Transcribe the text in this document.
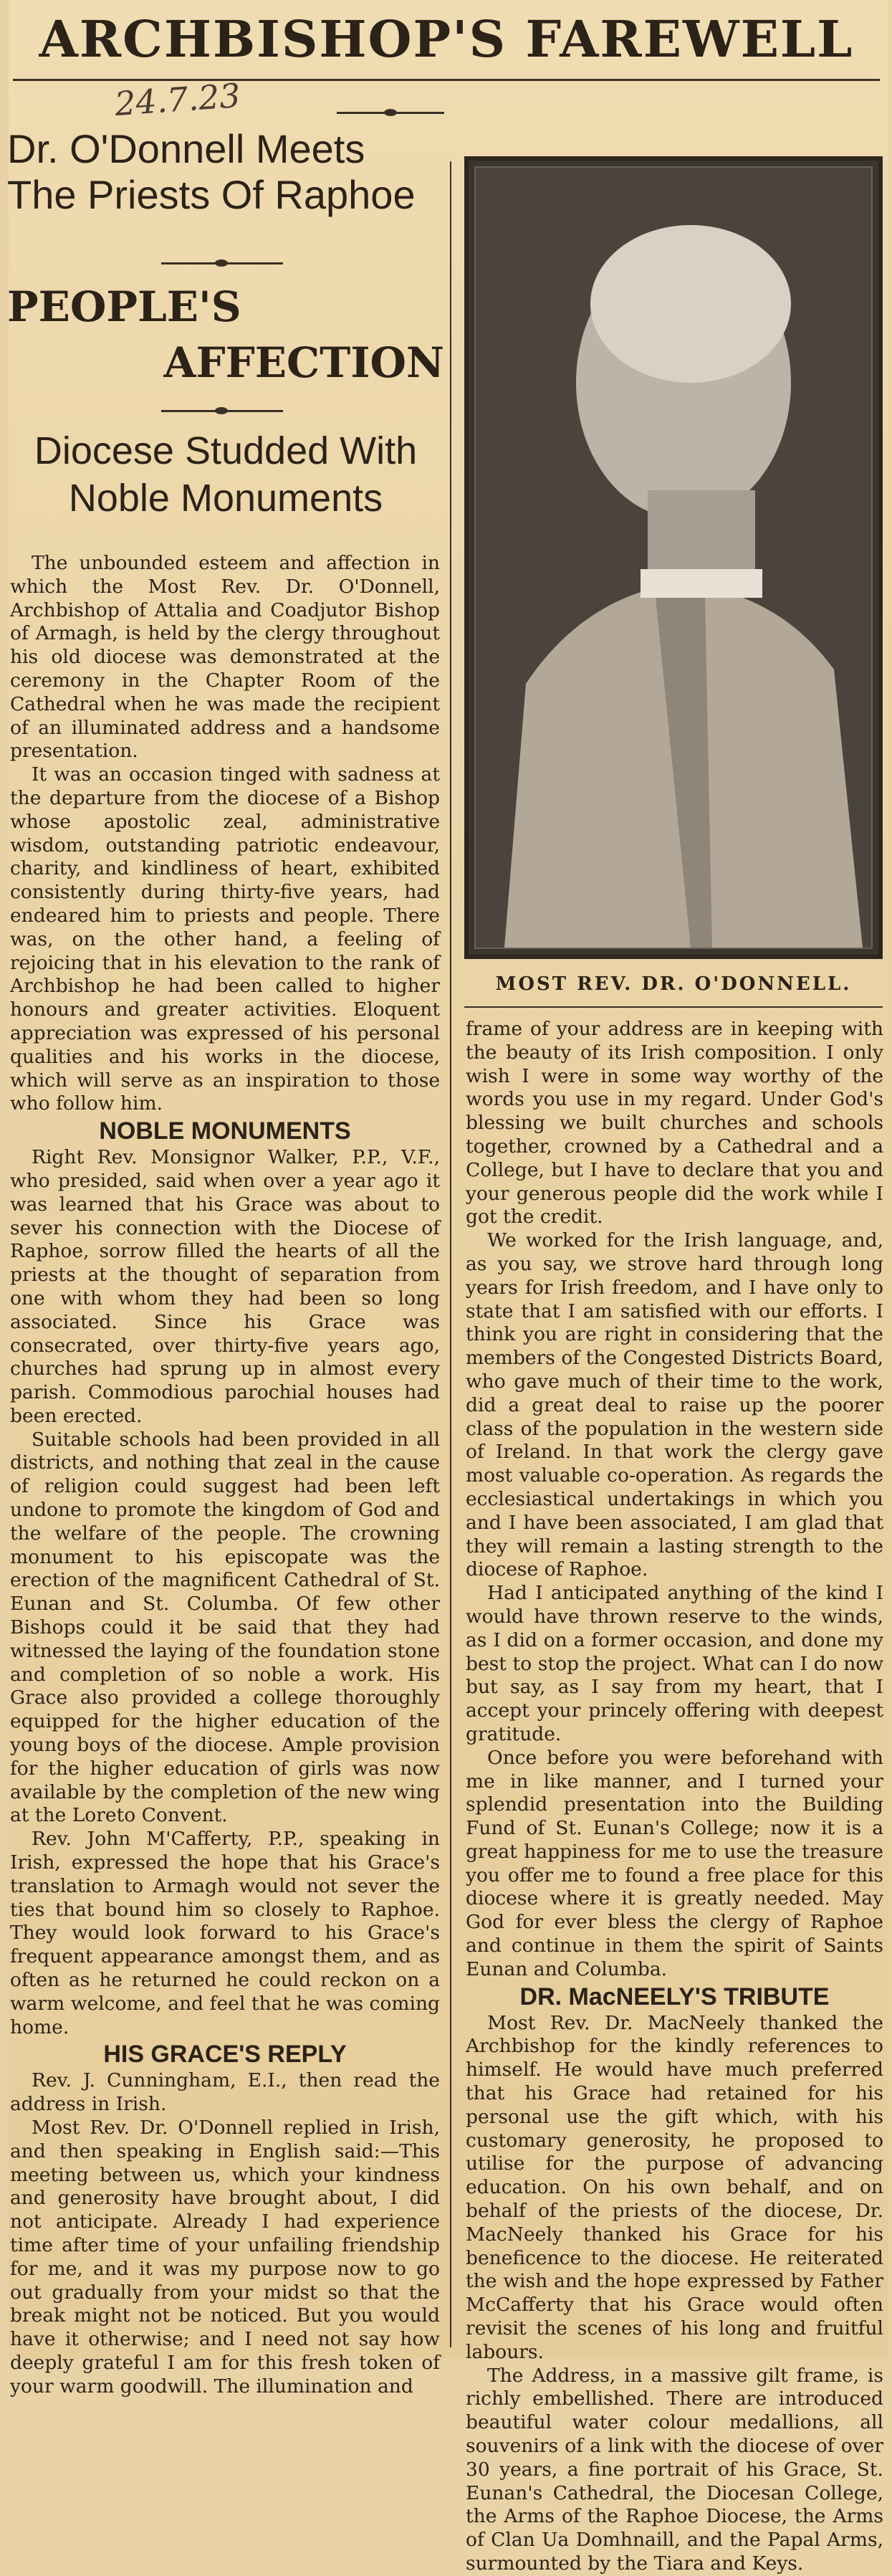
ARCHBISHOP'S FAREWELL
24.7.23
Dr. O'Donnell Meets The Priests Of Raphoe
PEOPLE'S
AFFECTION
Diocese Studded With Noble Monuments
MOST REV. DR. O'DONNELL.

The unbounded esteem and affection in which the Most Rev. Dr. O'Donnell, Archbishop of Attalia and Coadjutor Bishop of Armagh, is held by the clergy throughout his old diocese was demonstrated at the ceremony in the Chapter Room of the Cathedral when he was made the recipient of an illuminated address and a handsome presentation.

It was an occasion tinged with sadness at the departure from the diocese of a Bishop whose apostolic zeal, administrative wisdom, outstanding patriotic endeavour, charity, and kindliness of heart, exhibited consistently during thirty-five years, had endeared him to priests and people. There was, on the other hand, a feeling of rejoicing that in his elevation to the rank of Archbishop he had been called to higher honours and greater activities. Eloquent appreciation was expressed of his personal qualities and his works in the diocese, which will serve as an inspiration to those who follow him.

NOBLE MONUMENTS

Right Rev. Monsignor Walker, P.P., V.F., who presided, said when over a year ago it was learned that his Grace was about to sever his connection with the Diocese of Raphoe, sorrow filled the hearts of all the priests at the thought of separation from one with whom they had been so long associated. Since his Grace was consecrated, over thirty-five years ago, churches had sprung up in almost every parish. Commodious parochial houses had been erected.

Suitable schools had been provided in all districts, and nothing that zeal in the cause of religion could suggest had been left undone to promote the kingdom of God and the welfare of the people. The crowning monument to his episcopate was the erection of the magnificent Cathedral of St. Eunan and St. Columba. Of few other Bishops could it be said that they had witnessed the laying of the foundation stone and completion of so noble a work. His Grace also provided a college thoroughly equipped for the higher education of the young boys of the diocese. Ample provision for the higher education of girls was now available by the completion of the new wing at the Loreto Convent.

Rev. John M'Cafferty, P.P., speaking in Irish, expressed the hope that his Grace's translation to Armagh would not sever the ties that bound him so closely to Raphoe. They would look forward to his Grace's frequent appearance amongst them, and as often as he returned he could reckon on a warm welcome, and feel that he was coming home.

HIS GRACE'S REPLY

Rev. J. Cunningham, E.I., then read the address in Irish.

Most Rev. Dr. O'Donnell replied in Irish, and then speaking in English said:—This meeting between us, which your kindness and generosity have brought about, I did not anticipate. Already I had experience time after time of your unfailing friendship for me, and it was my purpose now to go out gradually from your midst so that the break might not be noticed. But you would have it otherwise; and I need not say how deeply grateful I am for this fresh token of your warm goodwill. The illumination and

frame of your address are in keeping with the beauty of its Irish composition. I only wish I were in some way worthy of the words you use in my regard. Under God's blessing we built churches and schools together, crowned by a Cathedral and a College, but I have to declare that you and your generous people did the work while I got the credit.

We worked for the Irish language, and, as you say, we strove hard through long years for Irish freedom, and I have only to state that I am satisfied with our efforts. I think you are right in considering that the members of the Congested Districts Board, who gave much of their time to the work, did a great deal to raise up the poorer class of the population in the western side of Ireland. In that work the clergy gave most valuable co-operation. As regards the ecclesiastical undertakings in which you and I have been associated, I am glad that they will remain a lasting strength to the diocese of Raphoe.

Had I anticipated anything of the kind I would have thrown reserve to the winds, as I did on a former occasion, and done my best to stop the project. What can I do now but say, as I say from my heart, that I accept your princely offering with deepest gratitude.

Once before you were beforehand with me in like manner, and I turned your splendid presentation into the Building Fund of St. Eunan's College; now it is a great happiness for me to use the treasure you offer me to found a free place for this diocese where it is greatly needed. May God for ever bless the clergy of Raphoe and continue in them the spirit of Saints Eunan and Columba.

DR. MacNEELY'S TRIBUTE

Most Rev. Dr. MacNeely thanked the Archbishop for the kindly references to himself. He would have much preferred that his Grace had retained for his personal use the gift which, with his customary generosity, he proposed to utilise for the purpose of advancing education. On his own behalf, and on behalf of the priests of the diocese, Dr. MacNeely thanked his Grace for his beneficence to the diocese. He reiterated the wish and the hope expressed by Father McCafferty that his Grace would often revisit the scenes of his long and fruitful labours.

The Address, in a massive gilt frame, is richly embellished. There are introduced beautiful water colour medallions, all souvenirs of a link with the diocese of over 30 years, a fine portrait of his Grace, St. Eunan's Cathedral, the Diocesan College, the Arms of the Raphoe Diocese, the Arms of Clan Ua Domhnaill, and the Papal Arms, surmounted by the Tiara and Keys.
